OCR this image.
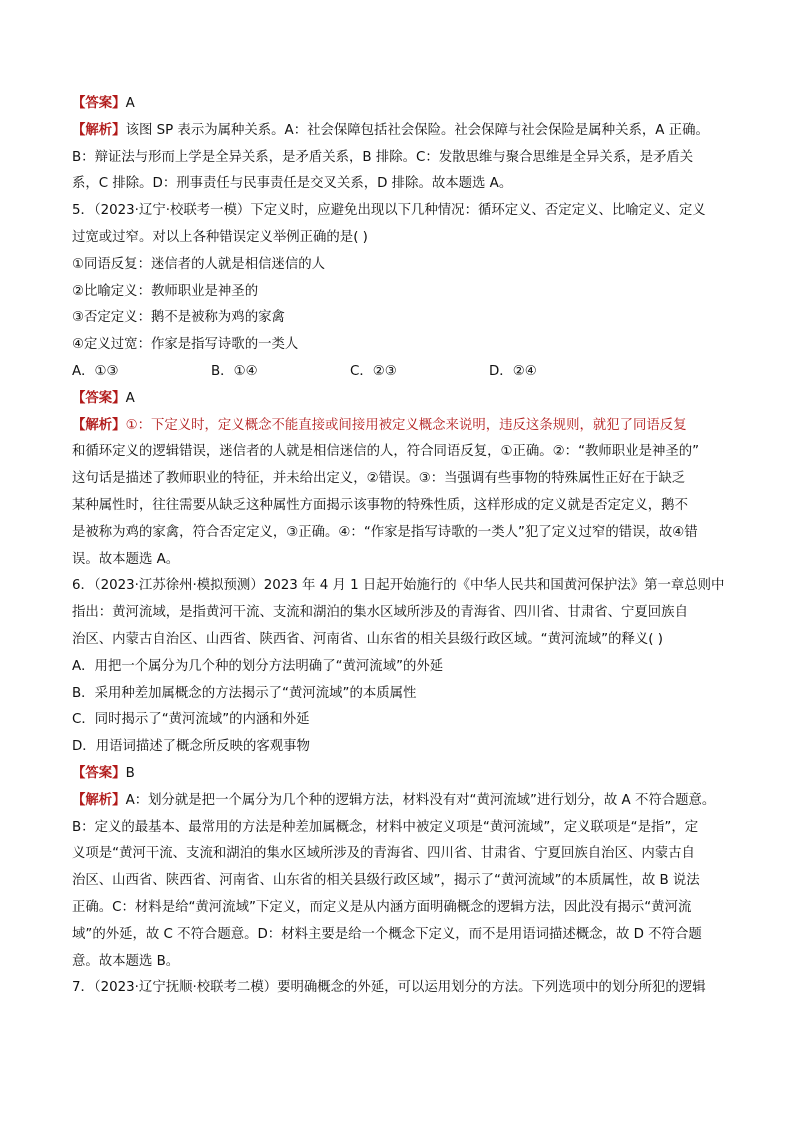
【答案】A
【解析】该图 SP 表示为属种关系。A：社会保障包括社会保险。社会保障与社会保险是属种关系，A 正确。
B：辩证法与形而上学是全异关系，是矛盾关系，B 排除。C：发散思维与聚合思维是全异关系，是矛盾关
系，C 排除。D：刑事责任与民事责任是交叉关系，D 排除。故本题选 A。
5．（2023·辽宁·校联考一模）下定义时，应避免出现以下几种情况：循环定义、否定定义、比喻定义、定义
过宽或过窄。对以上各种错误定义举例正确的是( )
①同语反复：迷信者的人就是相信迷信的人
②比喻定义：教师职业是神圣的
③否定定义：鹅不是被称为鸡的家禽
④定义过宽：作家是指写诗歌的一类人
A．①③	B．①④	C．②③	D．②④
【答案】A
【解析】①：下定义时，定义概念不能直接或间接用被定义概念来说明，违反这条规则，就犯了同语反复
和循环定义的逻辑错误，迷信者的人就是相信迷信的人，符合同语反复，①正确。②：“教师职业是神圣的”
这句话是描述了教师职业的特征，并未给出定义，②错误。③：当强调有些事物的特殊属性正好在于缺乏
某种属性时，往往需要从缺乏这种属性方面揭示该事物的特殊性质，这样形成的定义就是否定定义，鹅不
是被称为鸡的家禽，符合否定定义，③正确。④：“作家是指写诗歌的一类人”犯了定义过窄的错误，故④错
误。故本题选 A。
6．（2023·江苏徐州·模拟预测）2023 年 4 月 1 日起开始施行的《中华人民共和国黄河保护法》第一章总则中
指出：黄河流域，是指黄河干流、支流和湖泊的集水区域所涉及的青海省、四川省、甘肃省、宁夏回族自
治区、内蒙古自治区、山西省、陕西省、河南省、山东省的相关县级行政区域。“黄河流域”的释义( )
A．用把一个属分为几个种的划分方法明确了“黄河流域”的外延
B．采用种差加属概念的方法揭示了“黄河流域”的本质属性
C．同时揭示了“黄河流域”的内涵和外延
D．用语词描述了概念所反映的客观事物
【答案】B
【解析】A：划分就是把一个属分为几个种的逻辑方法，材料没有对“黄河流域”进行划分，故 A 不符合题意。
B：定义的最基本、最常用的方法是种差加属概念，材料中被定义项是“黄河流域”，定义联项是“是指”，定
义项是“黄河干流、支流和湖泊的集水区域所涉及的青海省、四川省、甘肃省、宁夏回族自治区、内蒙古自
治区、山西省、陕西省、河南省、山东省的相关县级行政区域”，揭示了“黄河流域”的本质属性，故 B 说法
正确。C：材料是给“黄河流域”下定义，而定义是从内涵方面明确概念的逻辑方法，因此没有揭示“黄河流
域”的外延，故 C 不符合题意。D：材料主要是给一个概念下定义，而不是用语词描述概念，故 D 不符合题
意。故本题选 B。
7．（2023·辽宁抚顺·校联考二模）要明确概念的外延，可以运用划分的方法。下列选项中的划分所犯的逻辑
